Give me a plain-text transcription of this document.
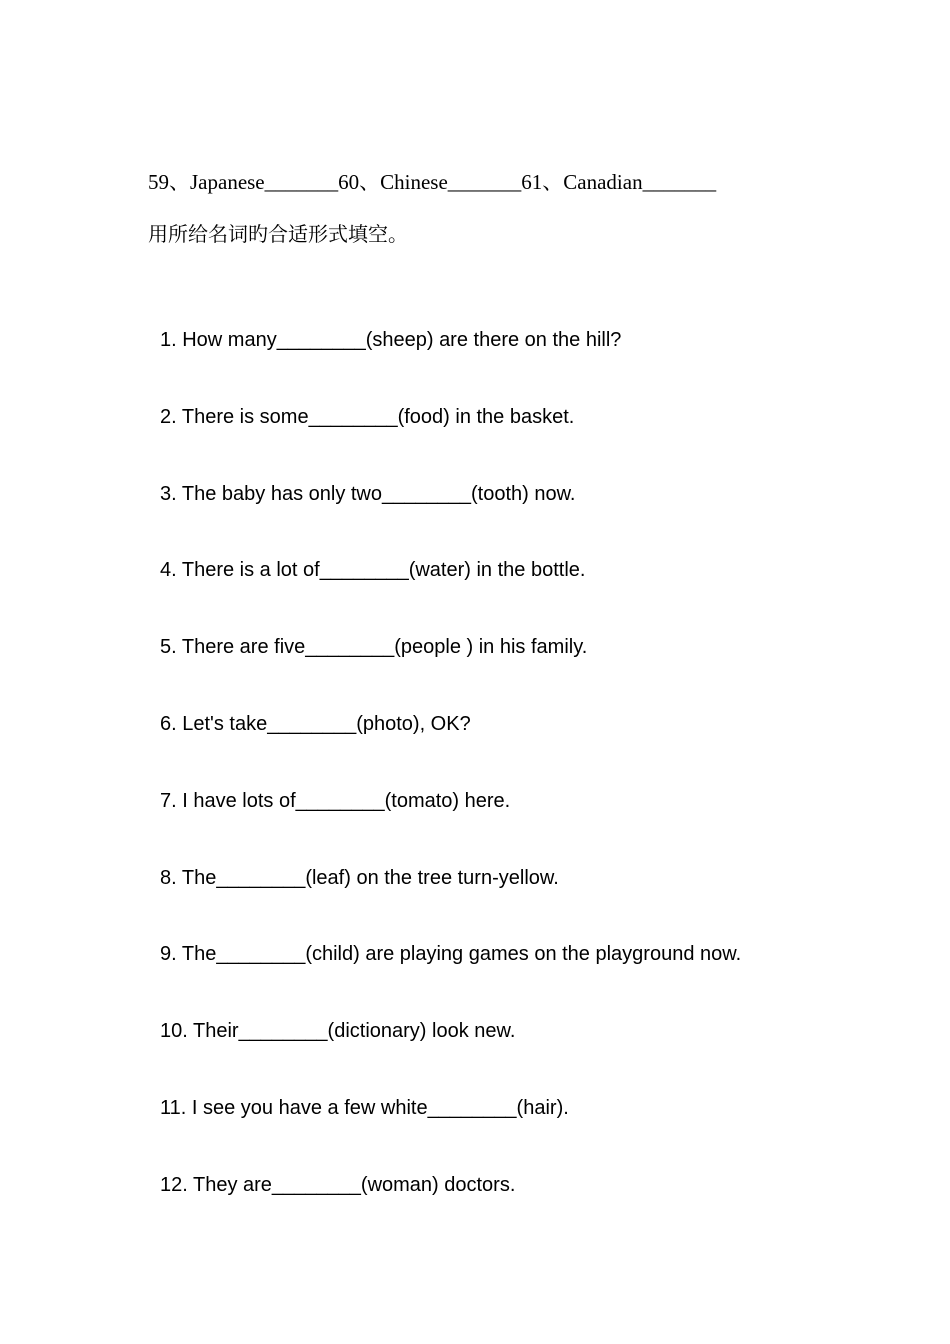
59、Japanese_______60、Chinese_______61、Canadian_______
用所给名词旳合适形式填空。
1. How many________(sheep) are there on the hill?
2. There is some________(food) in the basket.
3. The baby has only two________(tooth) now.
4. There is a lot of________(water) in the bottle.
5. There are five________(people ) in his family.
6. Let's take________(photo), OK?
7. I have lots of________(tomato) here.
8. The________(leaf) on the tree turn-yellow.
9. The________(child) are playing games on the playground now.
10. Their________(dictionary) look new.
11. I see you have a few white________(hair).
12. They are________(woman) doctors.
